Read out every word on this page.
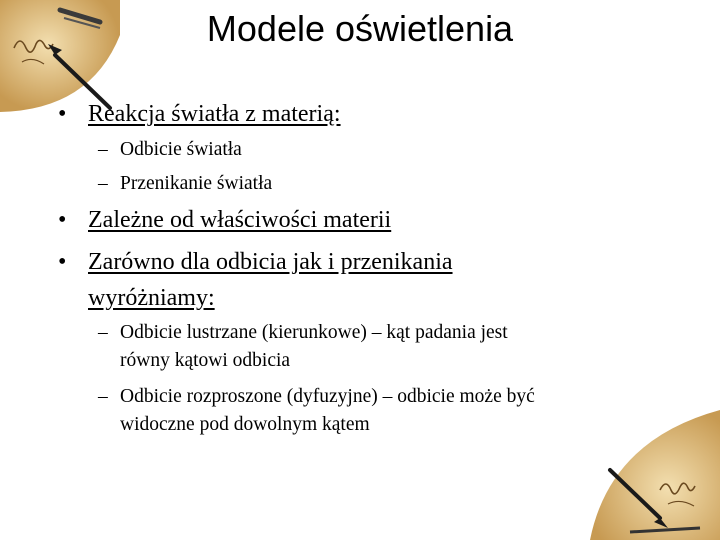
Modele oświetlenia
• Reakcja światła z materią:
– Odbicie światła
– Przenikanie światła
• Zależne od właściwości materii
• Zarówno dla odbicia jak i przenikania
wyróżniamy:
– Odbicie lustrzane (kierunkowe) – kąt padania jest
równy kątowi odbicia
– Odbicie rozproszone (dyfuzyjne) – odbicie może być
widoczne pod dowolnym kątem
